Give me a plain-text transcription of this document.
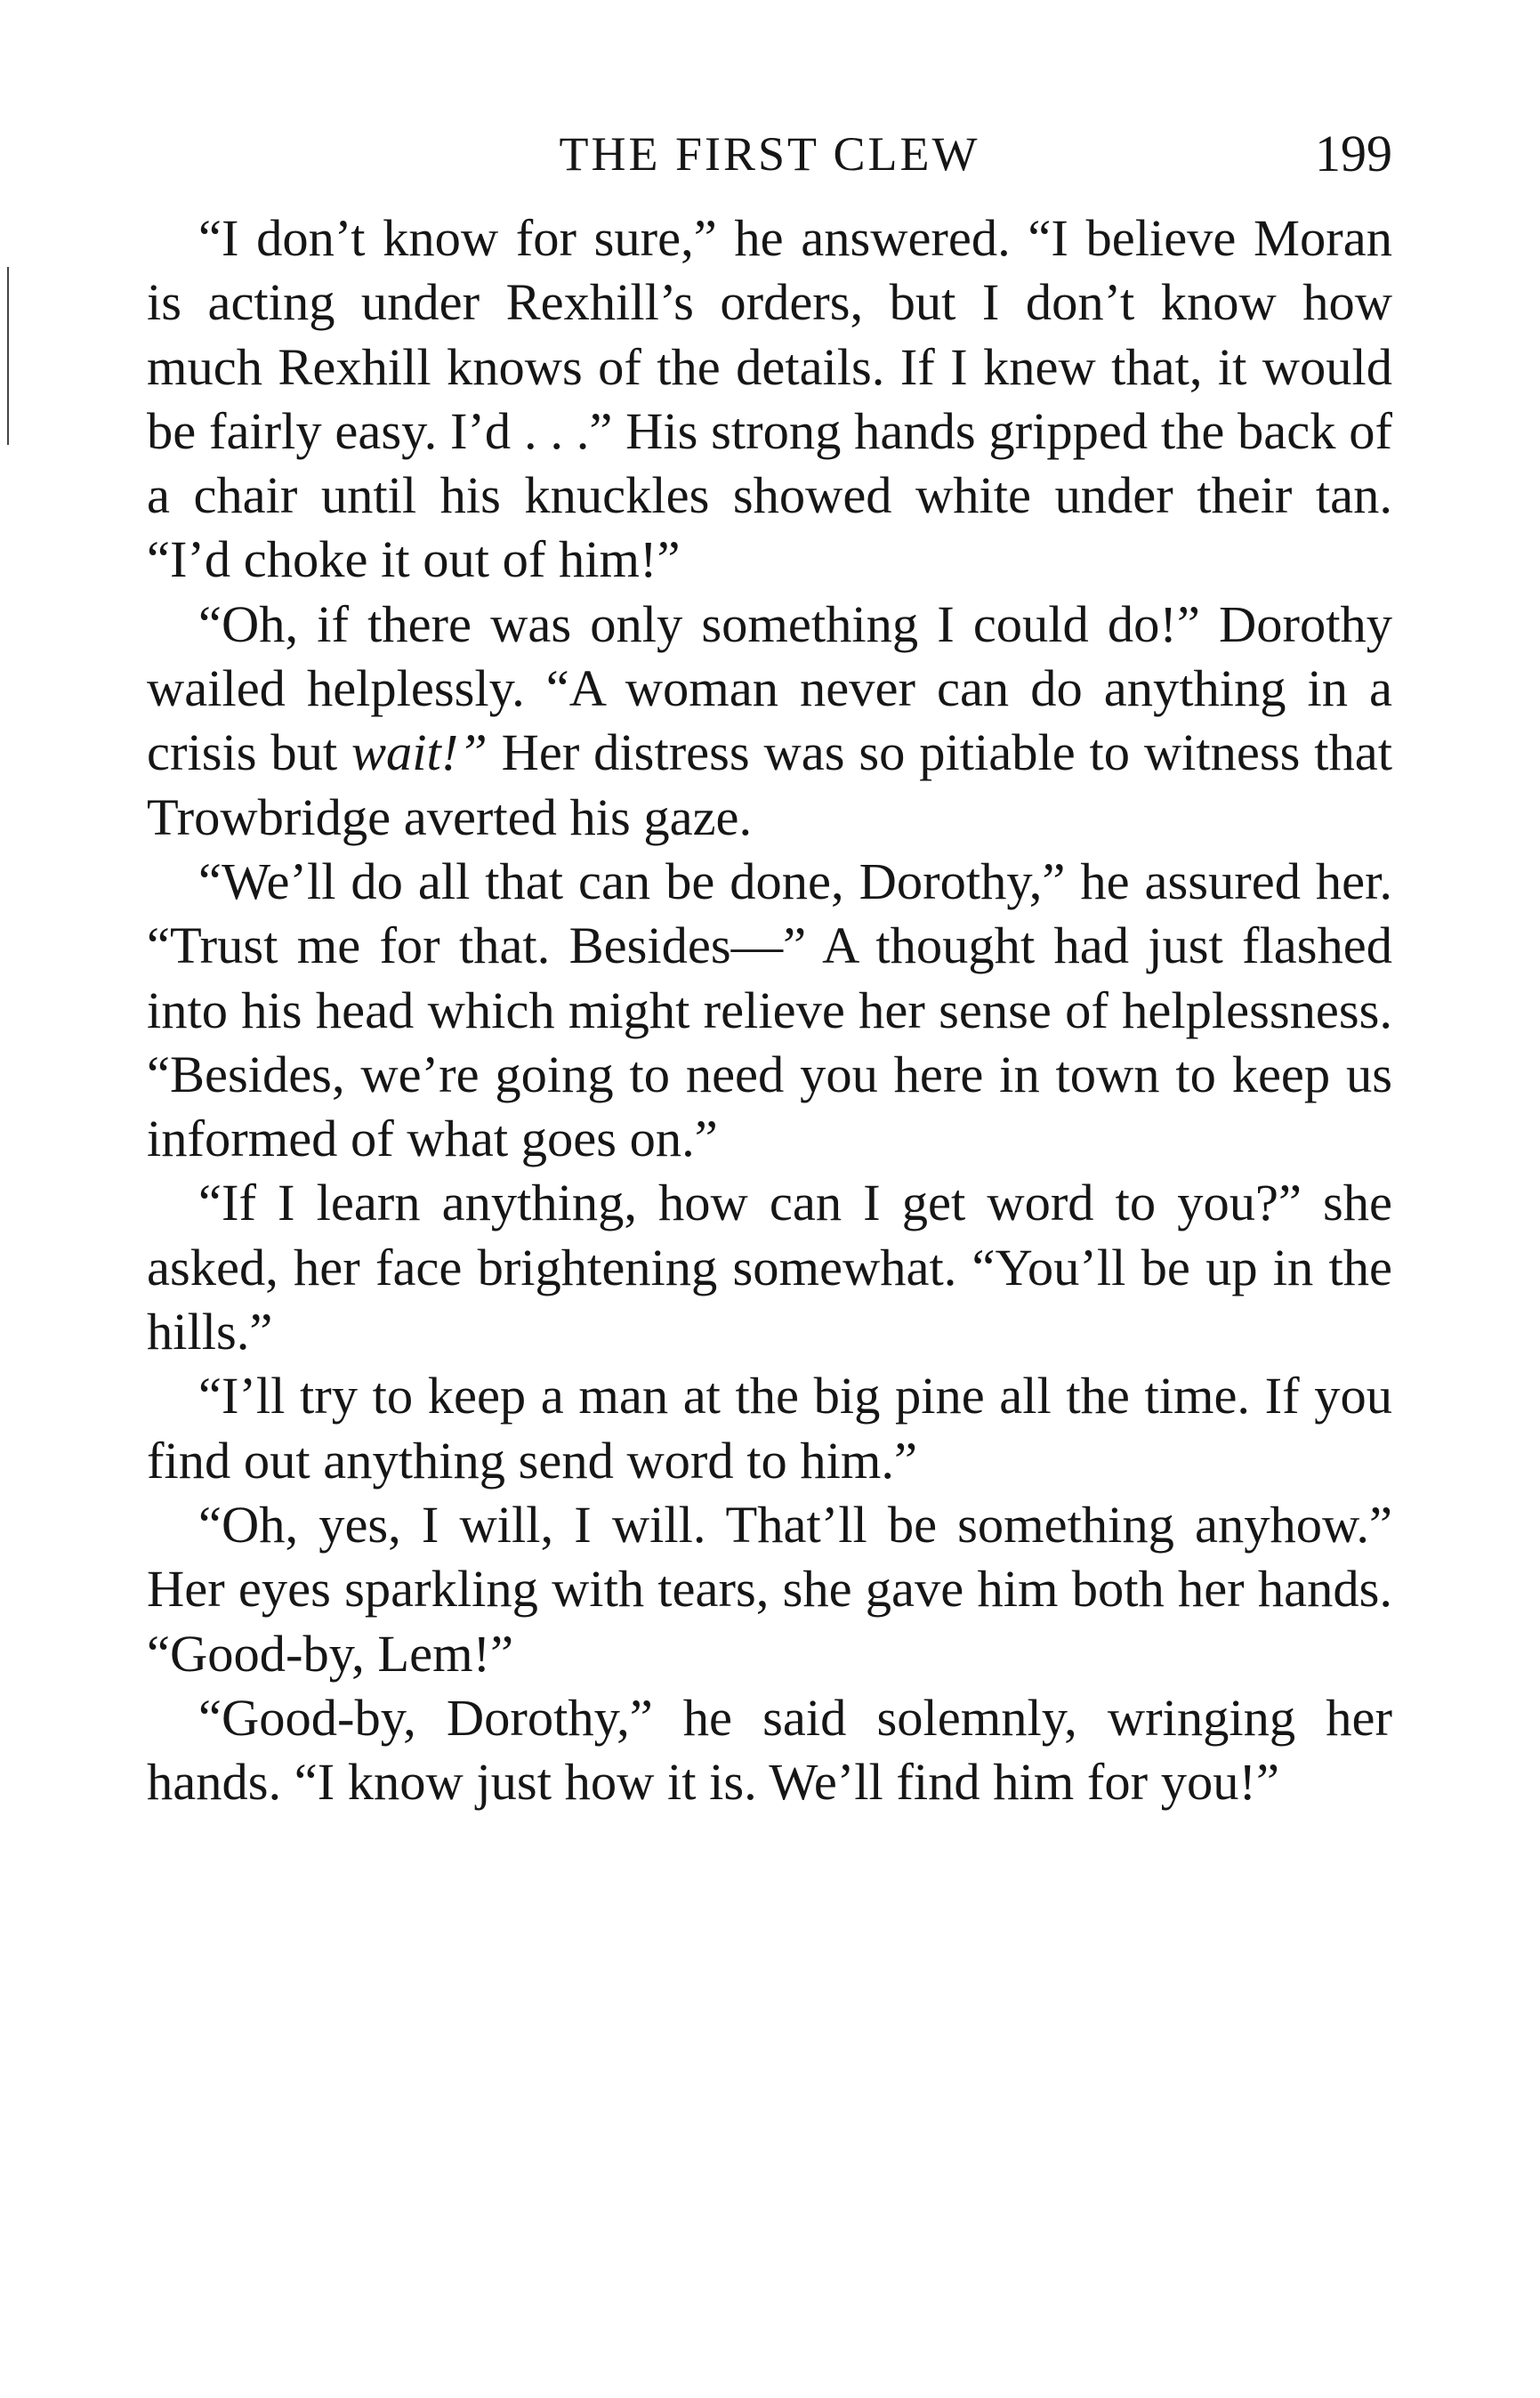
THE FIRST CLEW	199

“I don’t know for sure,” he answered. “I believe Moran is acting under Rexhill’s orders, but I don’t know how much Rexhill knows of the details. If I knew that, it would be fairly easy. I’d . . .” His strong hands gripped the back of a chair until his knuckles showed white under their tan. “I’d choke it out of him!”

“Oh, if there was only something I could do!” Dorothy wailed helplessly. “A woman never can do anything in a crisis but wait!” Her distress was so pitiable to witness that Trowbridge averted his gaze.

“We’ll do all that can be done, Dorothy,” he assured her. “Trust me for that. Besides—” A thought had just flashed into his head which might relieve her sense of helplessness. “Besides, we’re going to need you here in town to keep us informed of what goes on.”

“If I learn anything, how can I get word to you?” she asked, her face brightening somewhat. “You’ll be up in the hills.”

“I’ll try to keep a man at the big pine all the time. If you find out anything send word to him.”

“Oh, yes, I will, I will. That’ll be something anyhow.” Her eyes sparkling with tears, she gave him both her hands. “Good-by, Lem!”

“Good-by, Dorothy,” he said solemnly, wringing her hands. “I know just how it is. We’ll find him for you!”
